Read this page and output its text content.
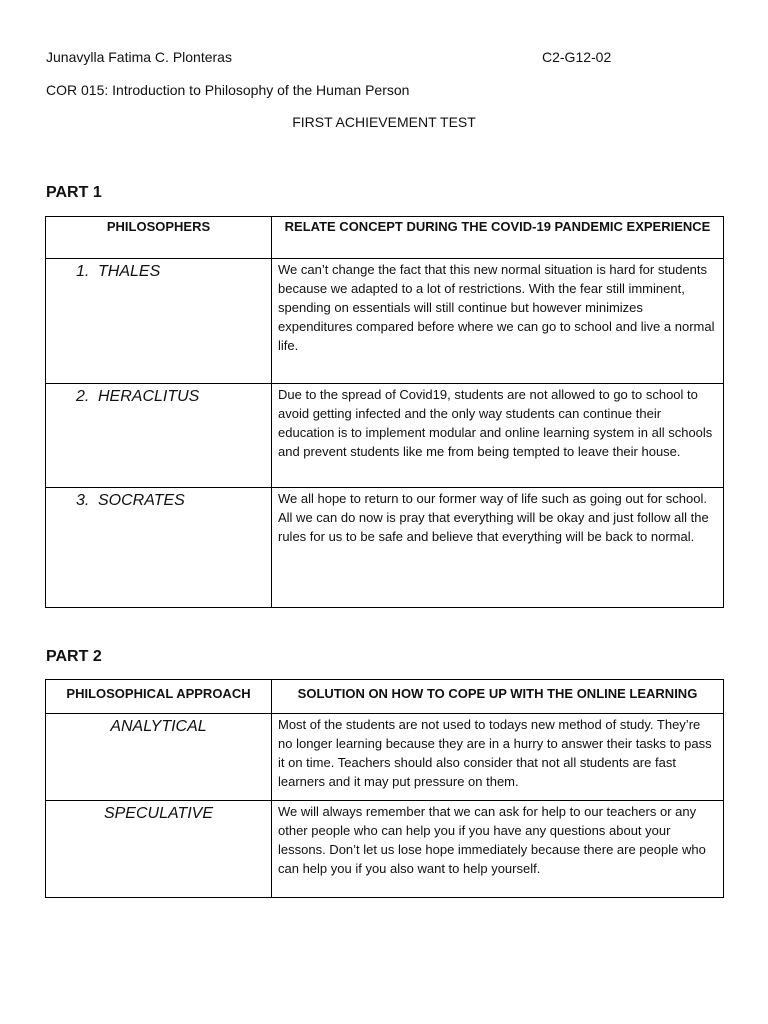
Junavylla Fatima C. Plonteras	C2-G12-02
COR 015: Introduction to Philosophy of the Human Person
FIRST ACHIEVEMENT TEST
PART 1
PHILOSOPHERS	RELATE CONCEPT DURING THE COVID-19 PANDEMIC EXPERIENCE

1. THALES	We can’t change the fact that this new normal situation is hard for students because we adapted to a lot of restrictions. With the fear still imminent, spending on essentials will still continue but however minimizes expenditures compared before where we can go to school and live a normal life.

2. HERACLITUS	Due to the spread of Covid19, students are not allowed to go to school to avoid getting infected and the only way students can continue their education is to implement modular and online learning system in all schools and prevent students like me from being tempted to leave their house.

3. SOCRATES	We all hope to return to our former way of life such as going out for school. All we can do now is pray that everything will be okay and just follow all the rules for us to be safe and believe that everything will be back to normal.
PART 2
PHILOSOPHICAL APPROACH	SOLUTION ON HOW TO COPE UP WITH THE ONLINE LEARNING

ANALYTICAL	Most of the students are not used to todays new method of study. They’re no longer learning because they are in a hurry to answer their tasks to pass it on time. Teachers should also consider that not all students are fast learners and it may put pressure on them.

SPECULATIVE	We will always remember that we can ask for help to our teachers or any other people who can help you if you have any questions about your lessons. Don’t let us lose hope immediately because there are people who can help you if you also want to help yourself.
